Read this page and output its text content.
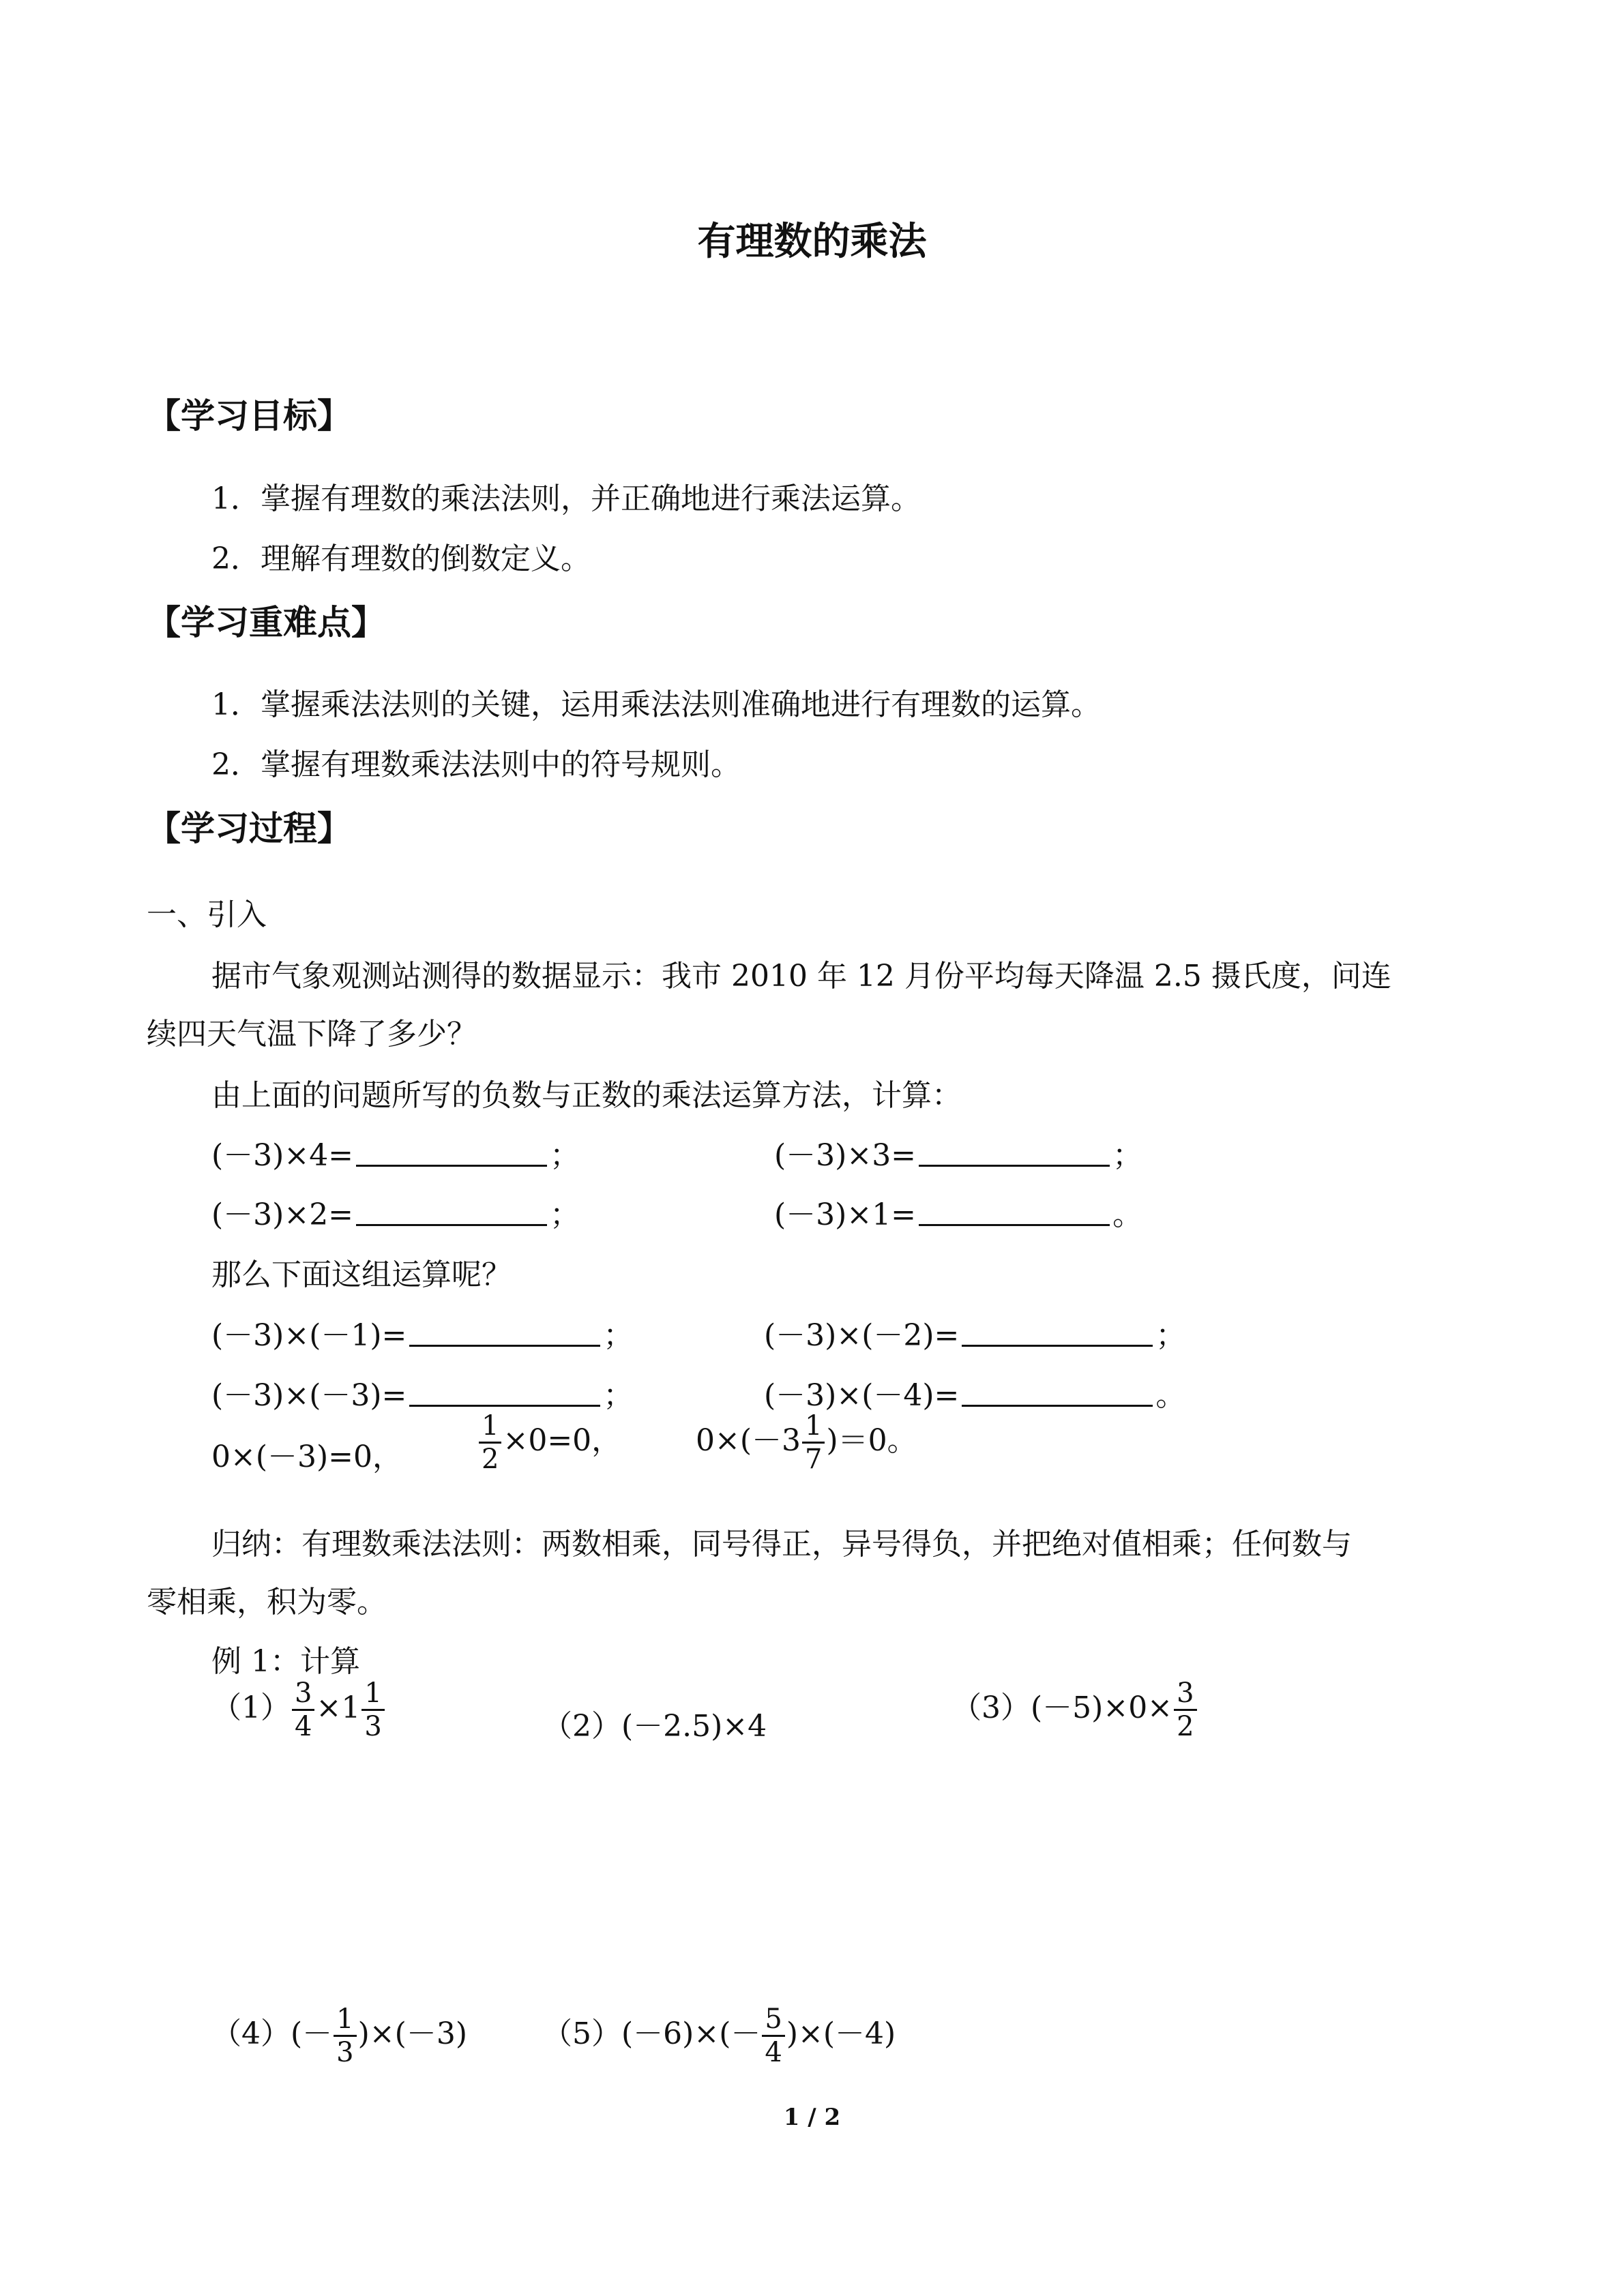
有理数的乘法
【学习目标】
1．掌握有理数的乘法法则，并正确地进行乘法运算。
2．理解有理数的倒数定义。
【学习重难点】
1．掌握乘法法则的关键，运用乘法法则准确地进行有理数的运算。
2．掌握有理数乘法法则中的符号规则。
【学习过程】
一、引入
据市气象观测站测得的数据显示：我市 2010 年 12 月份平均每天降温 2.5 摄氏度，问连
续四天气温下降了多少？
由上面的问题所写的负数与正数的乘法运算方法，计算：
(－3)×4=	；	(－3)×3=	；
(－3)×2=	；	(－3)×1=	。
那么下面这组运算呢？
(－3)×(－1)=	；	(－3)×(－2)=	；
(－3)×(－3)=	；	(－3)×(－4)=	。
0×(－3)=0，	$\frac{1}{2} \times 0=0$， $0\times(-3 \frac{1}{7} )=0$。
归纳：有理数乘法法则：两数相乘，同号得正，异号得负，并把绝对值相乘；任何数与
零相乘，积为零。
例 1：计算
$(1) \frac{3}{4} \times 1 \frac{1}{3}$	（2）(－2.5)×4
$(3)(-5)\times 0\times \frac{3}{2}$
$(4)(- \frac{1}{3} )\times(-3)$	$(5)(-6)\times(- \frac{5}{4} )\times(-4)$
1 / 2
